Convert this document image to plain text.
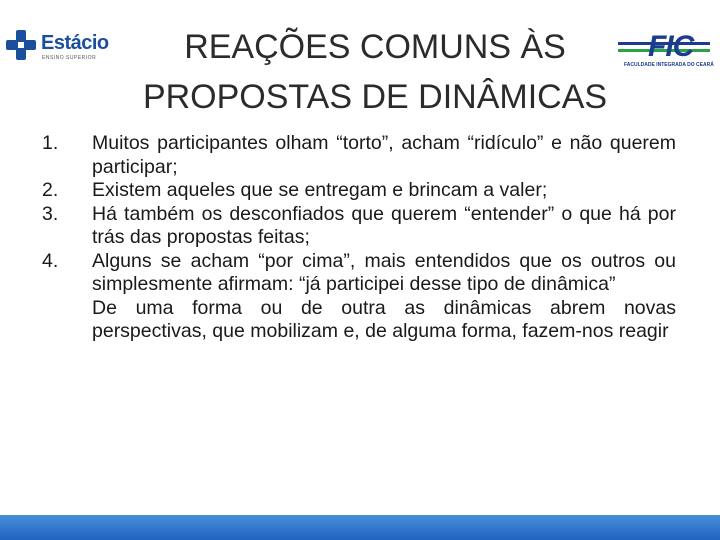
Estácio
ENSINO SUPERIOR	REAÇÕES COMUNS ÀS
PROPOSTAS DE DINÂMICAS
FIC
FACULDADE INTEGRADA DO CEARÁ
1.	Muitos participantes olham “torto”, acham “ridículo” e não querem participar;
2.	Existem aqueles que se entregam e brincam a valer;
3.	Há também os desconfiados que querem “entender” o que há por trás das propostas feitas;
4.	Alguns se acham “por cima”, mais entendidos que os outros ou simplesmente afirmam: “já participei desse tipo de dinâmica”
De uma forma ou de outra as dinâmicas abrem novas perspectivas, que mobilizam e, de alguma forma, fazem-nos reagir
